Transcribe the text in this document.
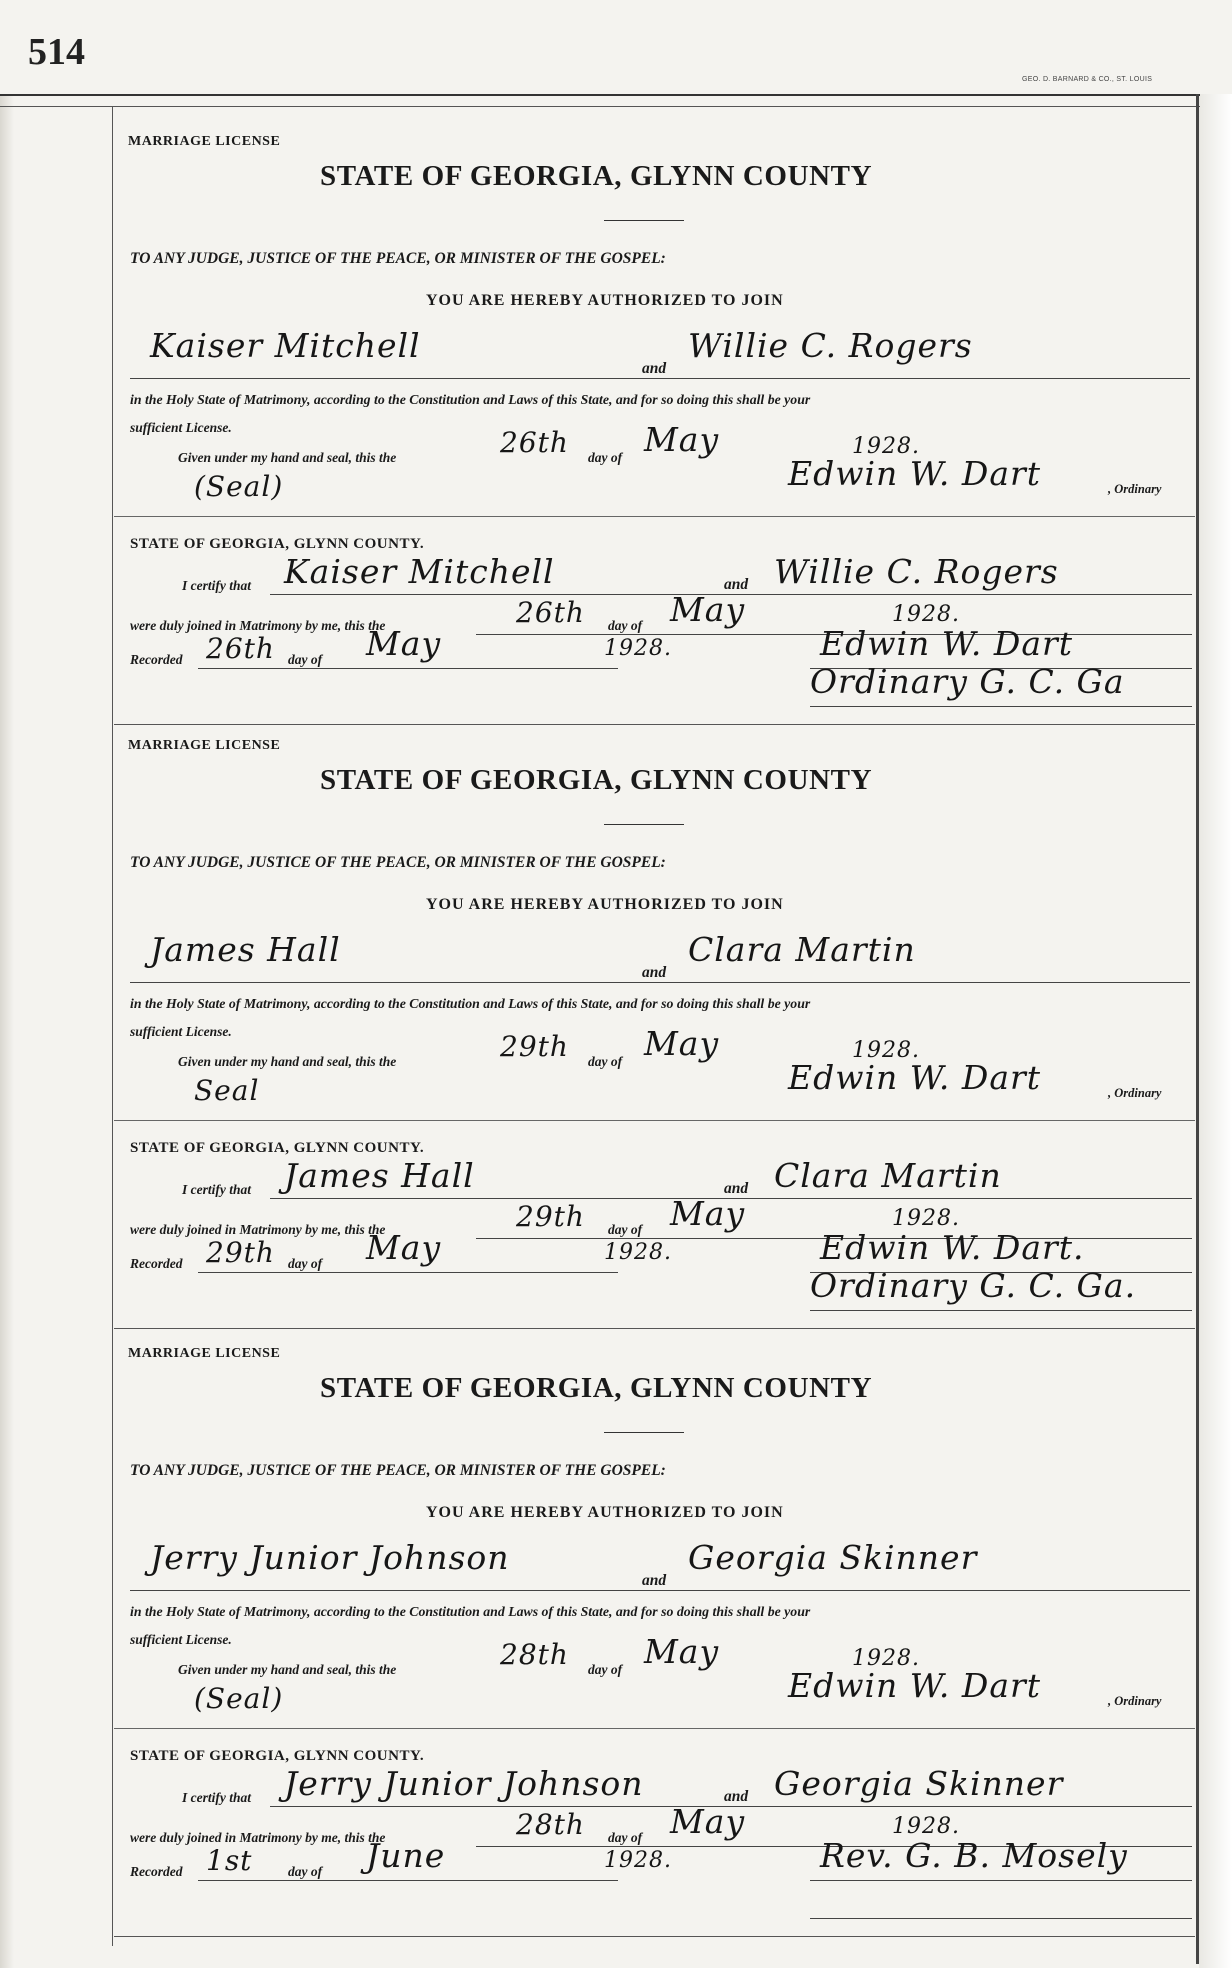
514
GEO. D. BARNARD & CO., ST. LOUIS
MARRIAGE LICENSE
STATE OF GEORGIA, GLYNN COUNTY
TO ANY JUDGE, JUSTICE OF THE PEACE, OR MINISTER OF THE GOSPEL:
YOU ARE HEREBY AUTHORIZED TO JOIN
Kaiser Mitchell
and
Willie C. Rogers
in the Holy State of Matrimony, according to the Constitution and Laws of this State, and for so doing this shall be your
sufficient License.
Given under my hand and seal, this the	26th day of May	1928.
(Seal)	Edwin W. Dart	, Ordinary
STATE OF GEORGIA, GLYNN COUNTY.
I certify that Kaiser Mitchell	and Willie C. Rogers
were duly joined in Matrimony by me, this the	26th day of May	1928.
Recorded 26th day of May	1928.	Edwin W. Dart
Ordinary G. C. Ga
MARRIAGE LICENSE
STATE OF GEORGIA, GLYNN COUNTY
TO ANY JUDGE, JUSTICE OF THE PEACE, OR MINISTER OF THE GOSPEL:
YOU ARE HEREBY AUTHORIZED TO JOIN
James Hall
and
Clara Martin
in the Holy State of Matrimony, according to the Constitution and Laws of this State, and for so doing this shall be your
sufficient License.
Given under my hand and seal, this the	29th day of May	1928.
Seal	Edwin W. Dart	, Ordinary
STATE OF GEORGIA, GLYNN COUNTY.
I certify that James Hall	and Clara Martin
were duly joined in Matrimony by me, this the	29th day of May	1928.
Recorded 29th day of May	1928.	Edwin W. Dart.
Ordinary G. C. Ga.
MARRIAGE LICENSE
STATE OF GEORGIA, GLYNN COUNTY
TO ANY JUDGE, JUSTICE OF THE PEACE, OR MINISTER OF THE GOSPEL:
YOU ARE HEREBY AUTHORIZED TO JOIN
Jerry Junior Johnson
and
Georgia Skinner
in the Holy State of Matrimony, according to the Constitution and Laws of this State, and for so doing this shall be your
sufficient License.
Given under my hand and seal, this the	28th day of May	1928.
(Seal)	Edwin W. Dart	, Ordinary
STATE OF GEORGIA, GLYNN COUNTY.
I certify that Jerry Junior Johnson	and Georgia Skinner
were duly joined in Matrimony by me, this the	28th day of May	1928.
Recorded 1st	day of June	1928.	Rev. G. B. Mosely
